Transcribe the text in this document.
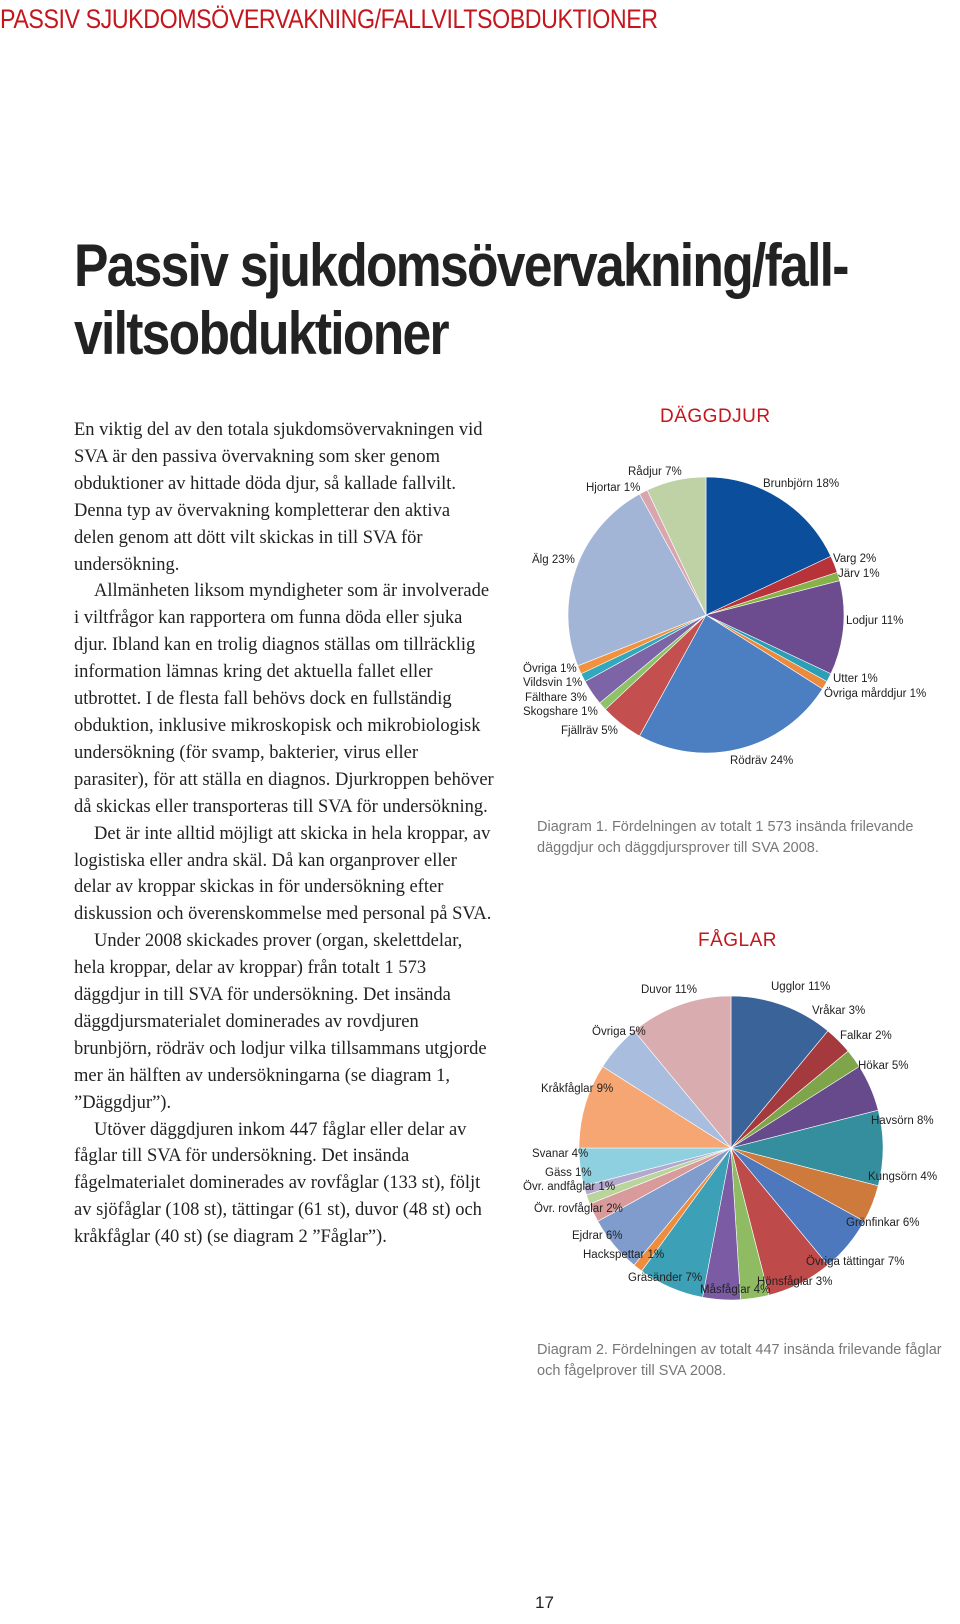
PASSIV SJUKDOMSÖVERVAKNING/FALLVILTSOBDUKTIONER
Passiv sjukdomsövervakning/fall-
viltsobduktioner

En viktig del av den totala sjukdomsövervakningen vid SVA är den passiva övervakning som sker genom obduktioner av hittade döda djur, så kallade fallvilt. Denna typ av övervakning kompletterar den aktiva delen genom att dött vilt skickas in till SVA för undersökning.

Allmänheten liksom myndigheter som är involverade i viltfrågor kan rapportera om funna döda eller sjuka djur. Ibland kan en trolig diagnos ställas om tillräcklig information lämnas kring det aktuella fallet eller utbrottet. I de flesta fall behövs dock en fullständig obduktion, inklusive mikroskopisk och mikrobiologisk undersökning (för svamp, bakterier, virus eller parasiter), för att ställa en diagnos. Djurkroppen behöver då skickas eller transporteras till SVA för undersökning.

Det är inte alltid möjligt att skicka in hela kroppar, av logistiska eller andra skäl. Då kan organprover eller delar av kroppar skickas in för undersökning efter diskussion och överenskommelse med personal på SVA.

Under 2008 skickades prover (organ, skelettdelar, hela kroppar, delar av kroppar) från totalt 1 573 däggdjur in till SVA för undersökning. Det insända däggdjursmaterialet dominerades av rovdjuren brunbjörn, rödräv och lodjur vilka tillsammans utgjorde mer än hälften av undersökningarna (se diagram 1, ”Däggdjur”).

Utöver däggdjuren inkom 447 fåglar eller delar av fåglar till SVA för undersökning. Det insända fågelmaterialet dominerades av rovfåglar (133 st), följt av sjöfåglar (108 st), tättingar (61 st), duvor (48 st) och kråkfåglar (40 st) (se diagram 2 ”Fåglar”).

DÄGGDJUR
Diagram 1. Fördelningen av totalt 1 573 insända frilevande däggdjur och däggdjursprover till SVA 2008.
FÅGLAR
Diagram 2. Fördelningen av totalt 447 insända frilevande fåglar och fågelprover till SVA 2008.
Brunbjörn 18%
Varg 2%
Järv 1%
Lodjur 11%
Utter 1%
Övriga mårddjur 1%
Rödräv 24%
Fjällräv 5%
Skogshare 1%
Fälthare 3%
Vildsvin 1%
Övriga 1%
Älg 23%
Hjortar 1%
Rådjur 7%
Ugglor 11%
Vråkar 3%
Falkar 2%
Hökar 5%
Havsörn 8%
Kungsörn 4%
Grönfinkar 6%
Övriga tättingar 7%
Hönsfåglar 3%
Måsfåglar 4%
Gräsänder 7%
Hackspettar 1%
Ejdrar 6%
Övr. rovfåglar 2%
Övr. andfåglar 1%
Gäss 1%
Svanar 4%
Kråkfåglar 9%
Övriga 5%
Duvor 11%
17
